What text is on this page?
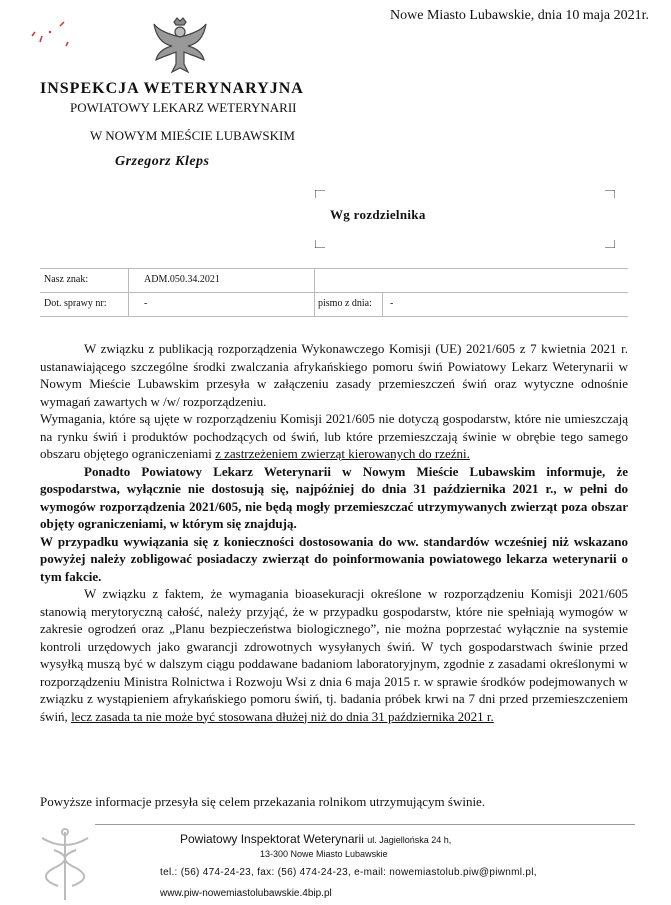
Nowe Miasto Lubawskie, dnia 10 maja 2021r.
INSPEKCJA WETERYNARYJNA
POWIATOWY LEKARZ WETERYNARII
W NOWYM MIEŚCIE LUBAWSKIM
Grzegorz Kleps
Wg rozdzielnika
Nasz znak:	ADM.050.34.2021
Dot. sprawy nr:	-	pismo z dnia: -

W związku z publikacją rozporządzenia Wykonawczego Komisji (UE) 2021/605 z 7 kwietnia 2021 r. ustanawiającego szczególne środki zwalczania afrykańskiego pomoru świń Powiatowy Lekarz Weterynarii w Nowym Mieście Lubawskim przesyła w załączeniu zasady przemieszczeń świń oraz wytyczne odnośnie wymagań zawartych w /w/ rozporządzeniu.

Wymagania, które są ujęte w rozporządzeniu Komisji 2021/605 nie dotyczą gospodarstw, które nie umieszczają na rynku świń i produktów pochodzących od świń, lub które przemieszczają świnie w obrębie tego samego obszaru objętego ograniczeniami z zastrzeżeniem zwierząt kierowanych do rzeźni.

Ponadto Powiatowy Lekarz Weterynarii w Nowym Mieście Lubawskim informuje, że gospodarstwa, wyłącznie nie dostosują się, najpóźniej do dnia 31 października 2021 r., w pełni do wymogów rozporządzenia 2021/605, nie będą mogły przemieszczać utrzymywanych zwierząt poza obszar objęty ograniczeniami, w którym się znajdują.

W przypadku wywiązania się z konieczności dostosowania do ww. standardów wcześniej niż wskazano powyżej należy zobligować posiadaczy zwierząt do poinformowania powiatowego lekarza weterynarii o tym fakcie.

W związku z faktem, że wymagania bioasekuracji określone w rozporządzeniu Komisji 2021/605 stanowią merytoryczną całość, należy przyjąć, że w przypadku gospodarstw, które nie spełniają wymogów w zakresie ogrodzeń oraz „Planu bezpieczeństwa biologicznego”, nie można poprzestać wyłącznie na systemie kontroli urzędowych jako gwarancji zdrowotnych wysyłanych świń. W tych gospodarstwach świnie przed wysyłką muszą być w dalszym ciągu poddawane badaniom laboratoryjnym, zgodnie z zasadami określonymi w rozporządzeniu Ministra Rolnictwa i Rozwoju Wsi z dnia 6 maja 2015 r. w sprawie środków podejmowanych w związku z wystąpieniem afrykańskiego pomoru świń, tj. badania próbek krwi na 7 dni przed przemieszczeniem świń, lecz zasada ta nie może być stosowana dłużej niż do dnia 31 października 2021 r.

Powyższe informacje przesyła się celem przekazania rolnikom utrzymującym świnie.
Powiatowy Inspektorat Weterynarii ul. Jagiellońska 24 h,
13-300 Nowe Miasto Lubawskie
tel.: (56) 474-24-23, fax: (56) 474-24-23, e-mail: nowemiastolub.piw@piwnml.pl,
www.piw-nowemiastolubawskie.4bip.pl
